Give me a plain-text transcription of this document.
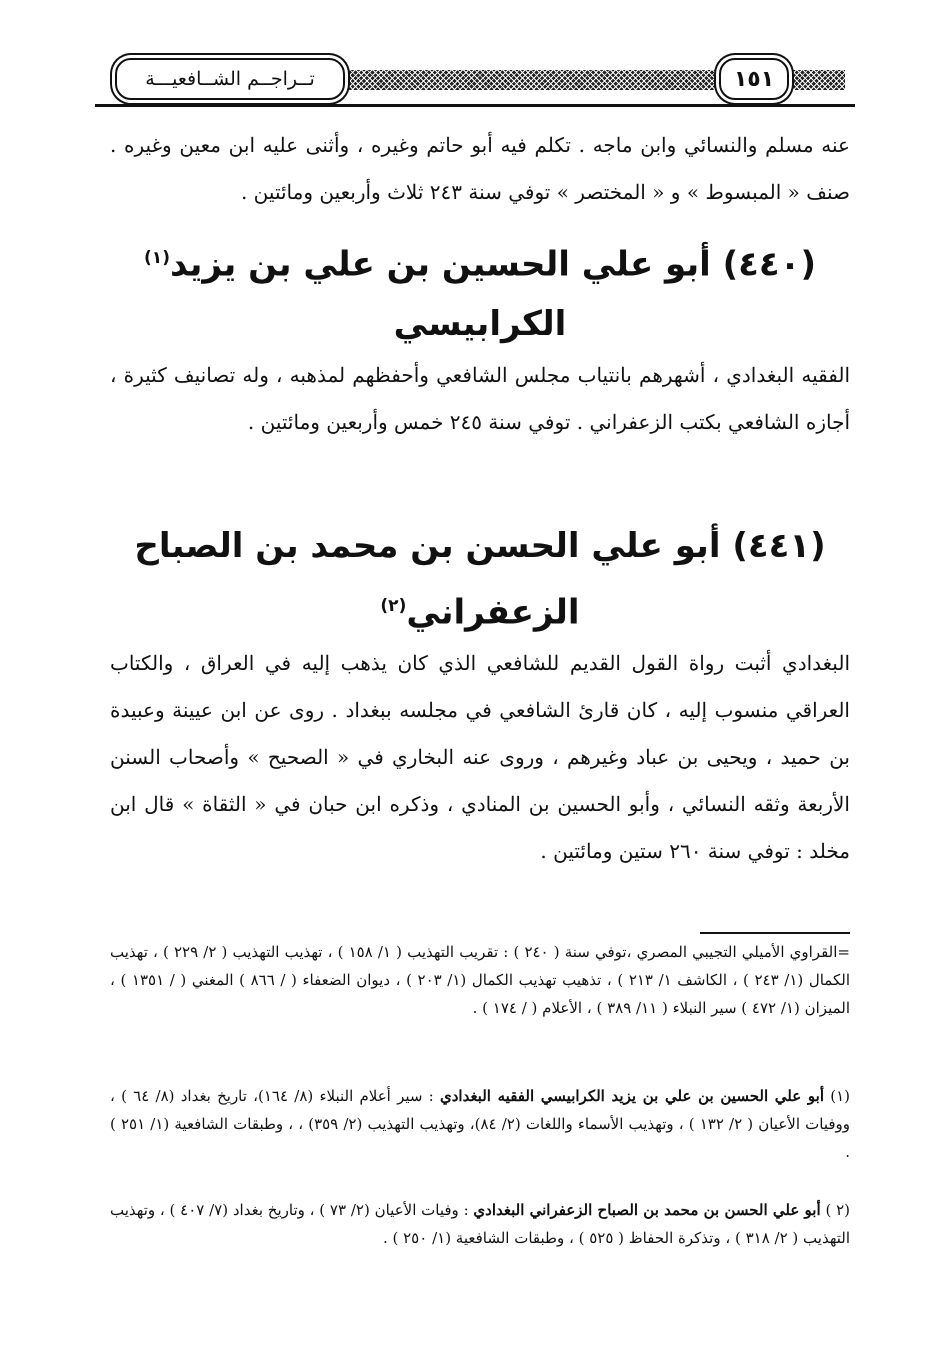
تــراجــم الشــافعيـــة	١٥١
عنه مسلم والنسائي وابن ماجه . تكلم فيه أبو حاتم وغيره ، وأثنى عليه ابن معين وغيره . صنف « المبسوط » و « المختصر » توفي سنة ٢٤٣ ثلاث وأربعين ومائتين .
(٤٤٠) أبو علي الحسين بن علي بن يزيد$^{(١)}$
الكرابيسي
الفقيه البغدادي ، أشهرهم بانتياب مجلس الشافعي وأحفظهم لمذهبه ، وله تصانيف كثيرة ، أجازه الشافعي بكتب الزعفراني . توفي سنة ٢٤٥ خمس وأربعين ومائتين .
(٤٤١) أبو علي الحسن بن محمد بن الصباح
الزعفراني$^{(٢)}$
البغدادي أثبت رواة القول القديم للشافعي الذي كان يذهب إليه في العراق ، والكتاب العراقي منسوب إليه ، كان قارئ الشافعي في مجلسه ببغداد . روى عن ابن عيينة وعبيدة بن حميد ، ويحيى بن عباد وغيرهم ، وروى عنه البخاري في « الصحيح » وأصحاب السنن الأربعة وثقه النسائي ، وأبو الحسين بن المنادي ، وذكره ابن حبان في « الثقاة » قال ابن مخلد : توفي سنة ٢٦٠ ستين ومائتين .
=القراوي الأميلي التجيبي المصري ،توفي سنة ( ٢٤٠ ) : تقريب التهذيب ( ١/ ١٥٨ ) ، تهذيب التهذيب ( ٢/ ٢٢٩ ) ، تهذيب الكمال (١/ ٢٤٣ ) ، الكاشف ١/ ٢١٣ ) ، تذهيب تهذيب الكمال (١/ ٢٠٣ ) ، ديوان الضعفاء ( / ٨٦٦ ) المغني ( / ١٣٥١ ) ، الميزان (١/ ٤٧٢ ) سير النبلاء ( ١١/ ٣٨٩ ) ، الأعلام ( / ١٧٤ ) .
(١) أبو علي الحسين بن علي بن يزيد الكرابيسي الفقيه البغدادي : سير أعلام النبلاء (٨/ ١٦٤)، تاريخ بغداد (٨/ ٦٤ ) ، ووفيات الأعيان ( ٢/ ١٣٢ ) ، وتهذيب الأسماء واللغات (٢/ ٨٤)، وتهذيب التهذيب (٢/ ٣٥٩) ، ، وطبقات الشافعية (١/ ٢٥١ ) .
(٢ ) أبو علي الحسن بن محمد بن الصباح الزعفراني البغدادي : وفيات الأعيان (٢/ ٧٣ ) ، وتاريخ بغداد (٧/ ٤٠٧ ) ، وتهذيب التهذيب ( ٢/ ٣١٨ ) ، وتذكرة الحفاظ ( ٥٢٥ ) ، وطبقات الشافعية (١/ ٢٥٠ ) .
